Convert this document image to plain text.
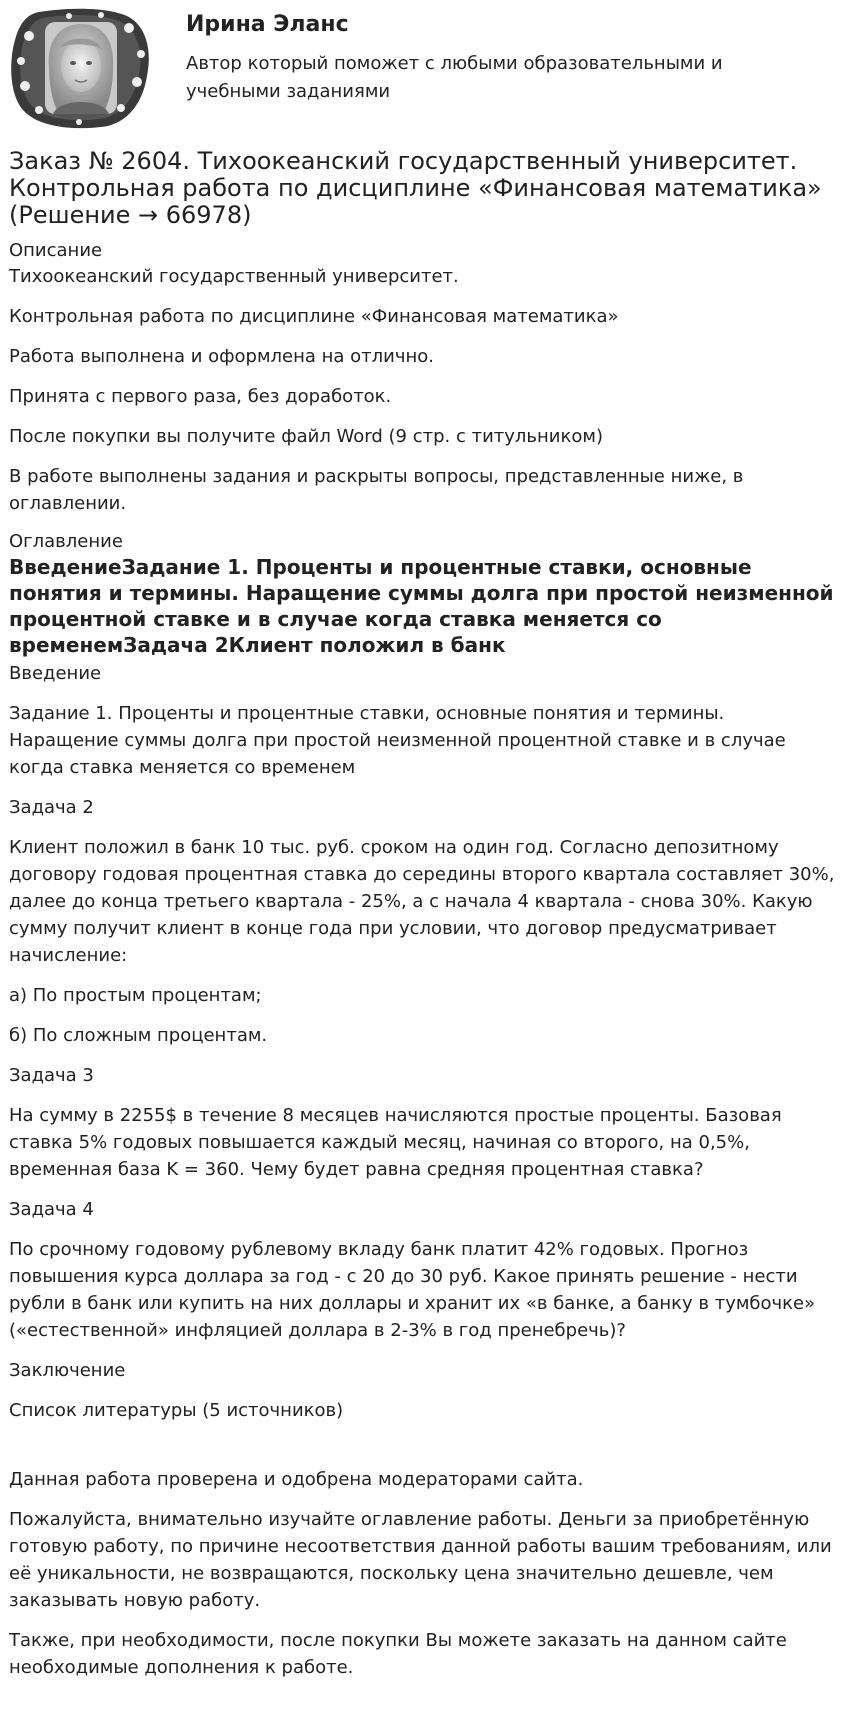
Ирина Эланс
Автор который поможет с любыми образовательными и учебными заданиями
Заказ № 2604. Тихоокеанский государственный университет. Контрольная работа по дисциплине «Финансовая математика» (Решение → 66978)
Описание

Тихоокеанский государственный университет.

Контрольная работа по дисциплине «Финансовая математика»

Работа выполнена и оформлена на отлично.

Принята с первого раза, без доработок.

После покупки вы получите файл Word (9 стр. с титульником)

В работе выполнены задания и раскрыты вопросы, представленные ниже, в оглавлении.

Оглавление
ВведениеЗадание 1. Проценты и процентные ставки, основные понятия и термины. Наращение суммы долга при простой неизменной процентной ставке и в случае когда ставка меняется со временемЗадача 2Клиент положил в банк

Введение

Задание 1. Проценты и процентные ставки, основные понятия и термины. Наращение суммы долга при простой неизменной процентной ставке и в случае когда ставка меняется со временем

Задача 2

Клиент положил в банк 10 тыс. руб. сроком на один год. Согласно депозитному договору годовая процентная ставка до середины второго квартала составляет 30%, далее до конца третьего квартала - 25%, а с начала 4 квартала - снова 30%. Какую сумму получит клиент в конце года при условии, что договор предусматривает начисление:

а) По простым процентам;

б) По сложным процентам.

Задача 3

На сумму в 2255$ в течение 8 месяцев начисляются простые проценты. Базовая ставка 5% годовых повышается каждый месяц, начиная со второго, на 0,5%, временная база K = 360. Чему будет равна средняя процентная ставка?

Задача 4

По срочному годовому рублевому вкладу банк платит 42% годовых. Прогноз повышения курса доллара за год - с 20 до 30 руб. Какое принять решение - нести рубли в банк или купить на них доллары и хранит их «в банке, а банку в тумбочке» («естественной» инфляцией доллара в 2-3% в год пренебречь)?

Заключение

Список литературы (5 источников)

Данная работа проверена и одобрена модераторами сайта.

Пожалуйста, внимательно изучайте оглавление работы. Деньги за приобретённую готовую работу, по причине несоответствия данной работы вашим требованиям, или её уникальности, не возвращаются, поскольку цена значительно дешевле, чем заказывать новую работу.

Также, при необходимости, после покупки Вы можете заказать на данном сайте необходимые дополнения к работе.
